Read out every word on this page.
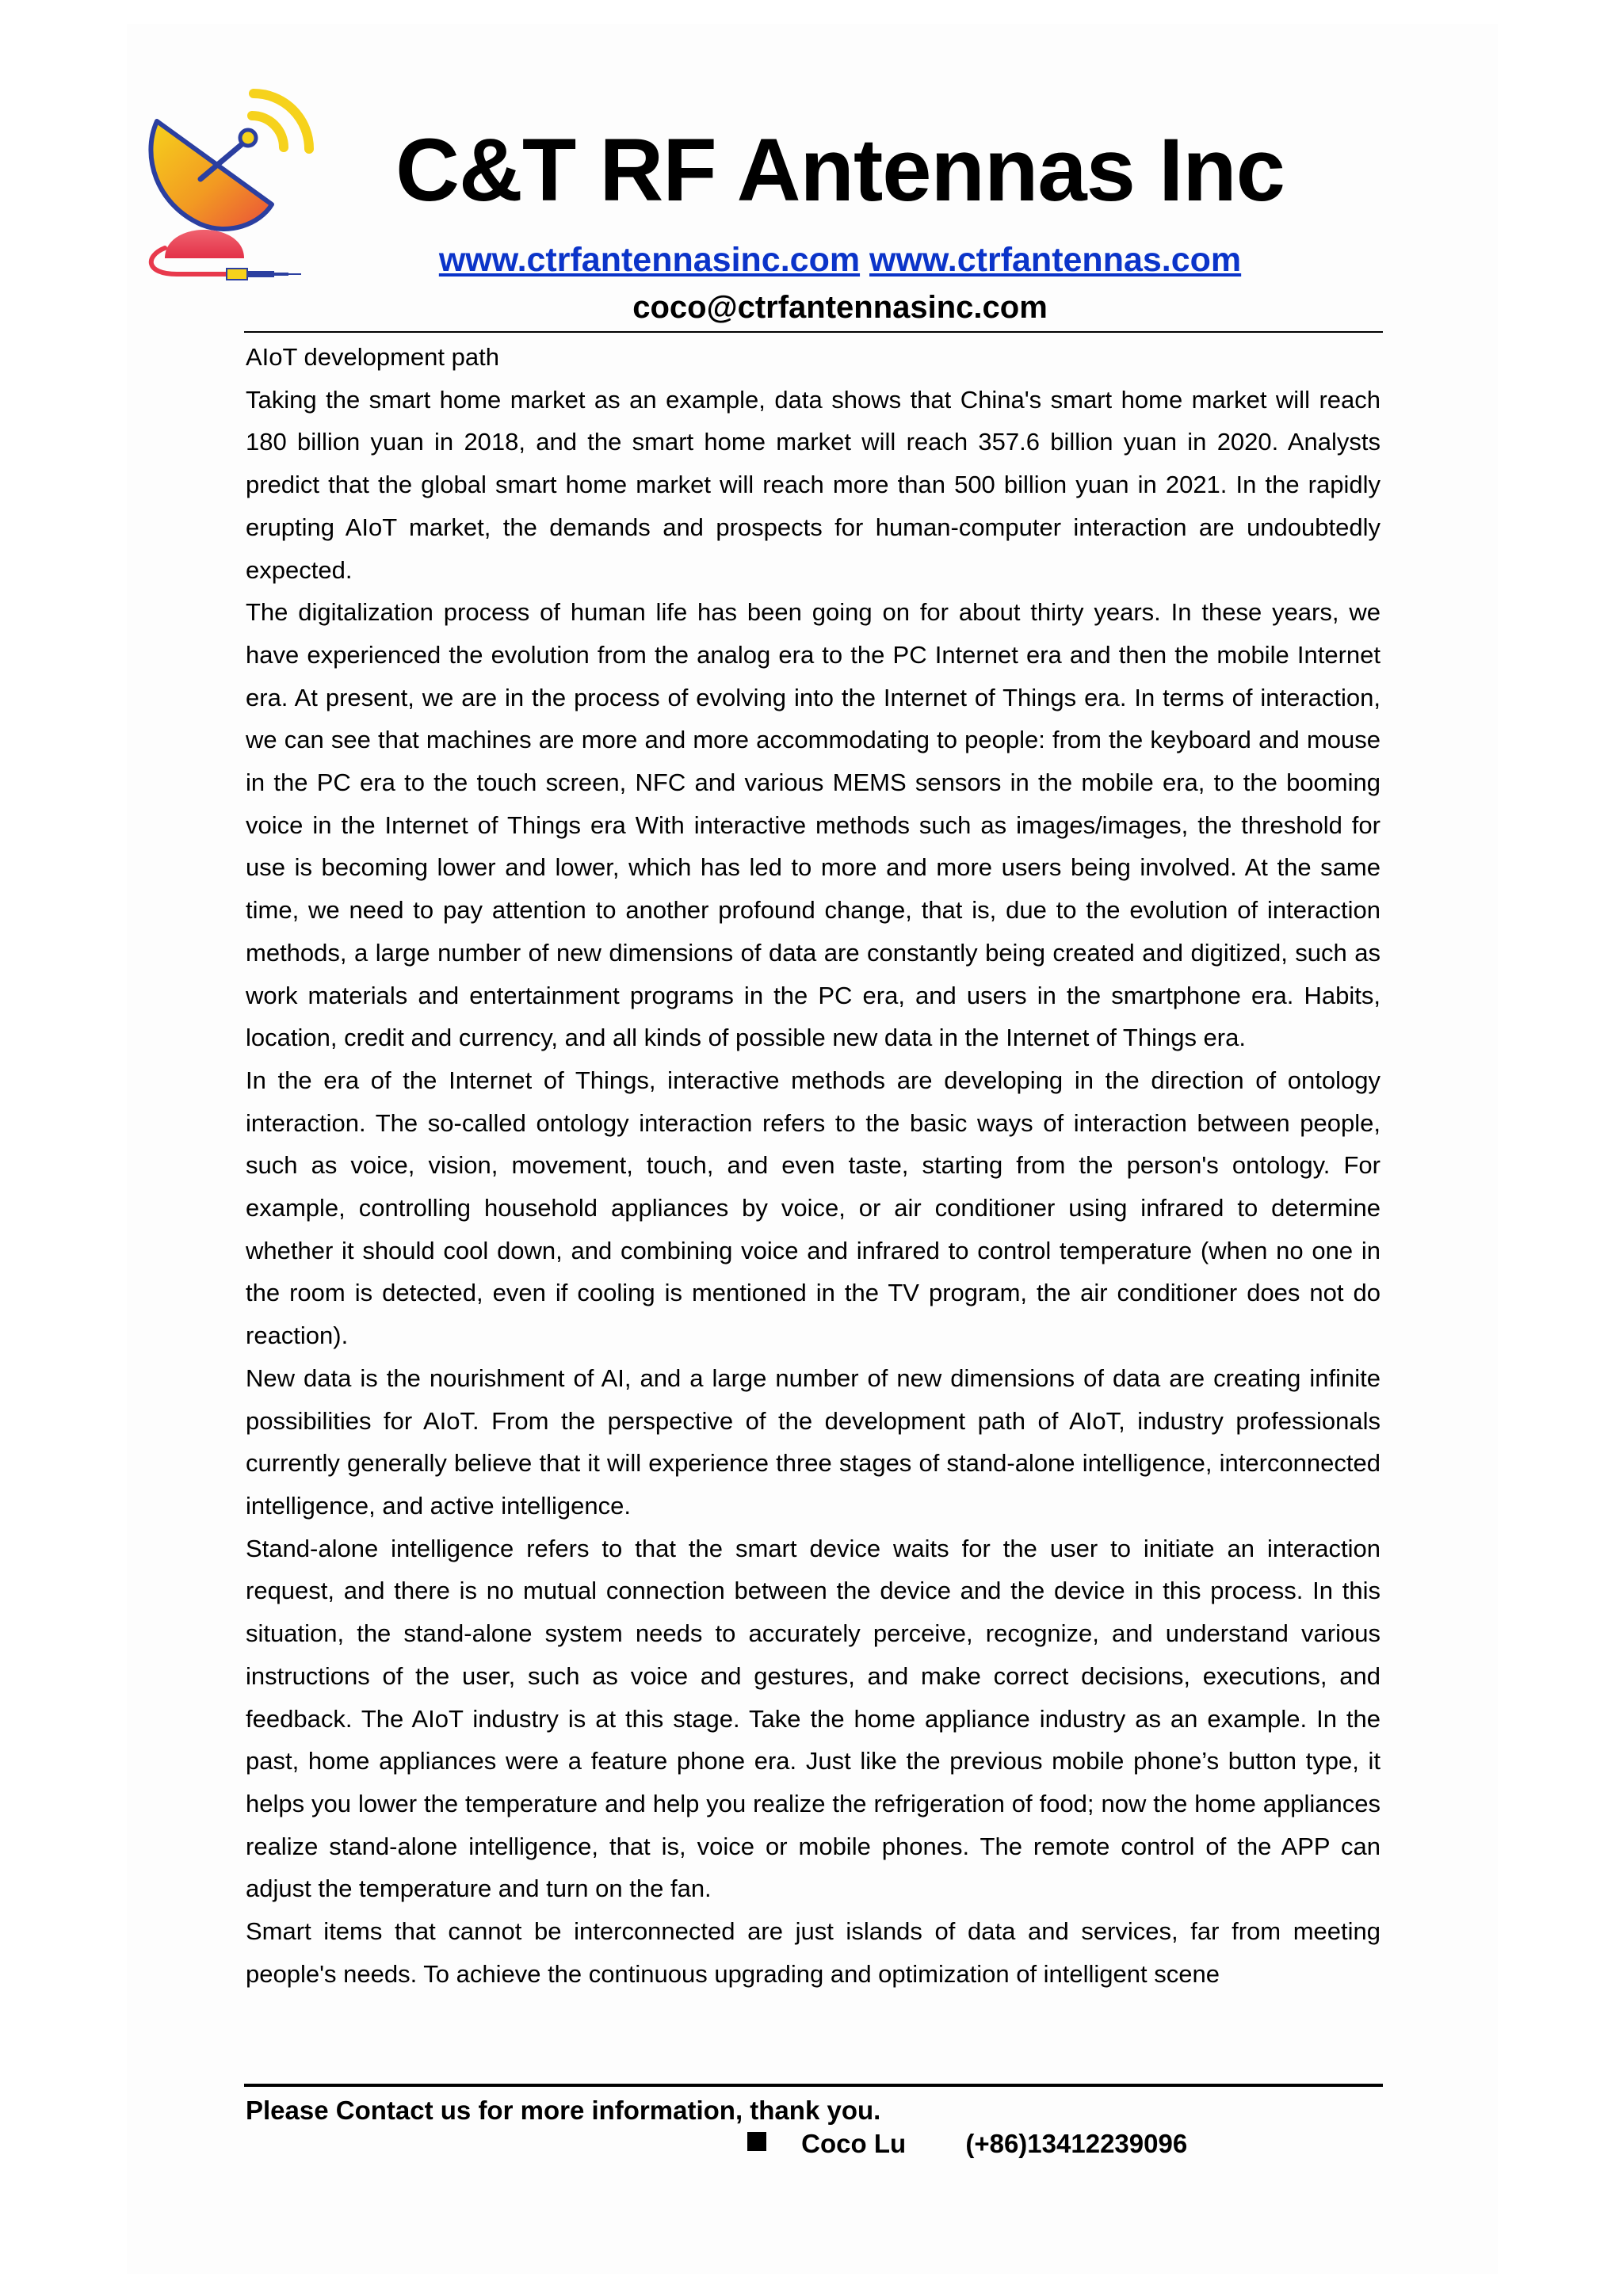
C&T RF Antennas Inc
www.ctrfantennasinc.com www.ctrfantennas.com
coco@ctrfantennasinc.com

AIoT development path

Taking the smart home market as an example, data shows that China's smart home market will reach 180 billion yuan in 2018, and the smart home market will reach 357.6 billion yuan in 2020. Analysts predict that the global smart home market will reach more than 500 billion yuan in 2021. In the rapidly erupting AIoT market, the demands and prospects for human-computer interaction are undoubtedly expected.

The digitalization process of human life has been going on for about thirty years. In these years, we have experienced the evolution from the analog era to the PC Internet era and then the mobile Internet era. At present, we are in the process of evolving into the Internet of Things era. In terms of interaction, we can see that machines are more and more accommodating to people: from the keyboard and mouse in the PC era to the touch screen, NFC and various MEMS sensors in the mobile era, to the booming voice in the Internet of Things era With interactive methods such as images/images, the threshold for use is becoming lower and lower, which has led to more and more users being involved. At the same time, we need to pay attention to another profound change, that is, due to the evolution of interaction methods, a large number of new dimensions of data are constantly being created and digitized, such as work materials and entertainment programs in the PC era, and users in the smartphone era. Habits, location, credit and currency, and all kinds of possible new data in the Internet of Things era.

In the era of the Internet of Things, interactive methods are developing in the direction of ontology interaction. The so-called ontology interaction refers to the basic ways of interaction between people, such as voice, vision, movement, touch, and even taste, starting from the person's ontology. For example, controlling household appliances by voice, or air conditioner using infrared to determine whether it should cool down, and combining voice and infrared to control temperature (when no one in the room is detected, even if cooling is mentioned in the TV program, the air conditioner does not do reaction).

New data is the nourishment of AI, and a large number of new dimensions of data are creating infinite possibilities for AIoT. From the perspective of the development path of AIoT, industry professionals currently generally believe that it will experience three stages of stand-alone intelligence, interconnected intelligence, and active intelligence.

Stand-alone intelligence refers to that the smart device waits for the user to initiate an interaction request, and there is no mutual connection between the device and the device in this process. In this situation, the stand-alone system needs to accurately perceive, recognize, and understand various instructions of the user, such as voice and gestures, and make correct decisions, executions, and feedback. The AIoT industry is at this stage. Take the home appliance industry as an example. In the past, home appliances were a feature phone era. Just like the previous mobile phone’s button type, it helps you lower the temperature and help you realize the refrigeration of food; now the home appliances realize stand-alone intelligence, that is, voice or mobile phones. The remote control of the APP can adjust the temperature and turn on the fan.

Smart items that cannot be interconnected are just islands of data and services, far from meeting people's needs. To achieve the continuous upgrading and optimization of intelligent scene

Please Contact us for more information, thank you.
Coco Lu (+86)13412239096
